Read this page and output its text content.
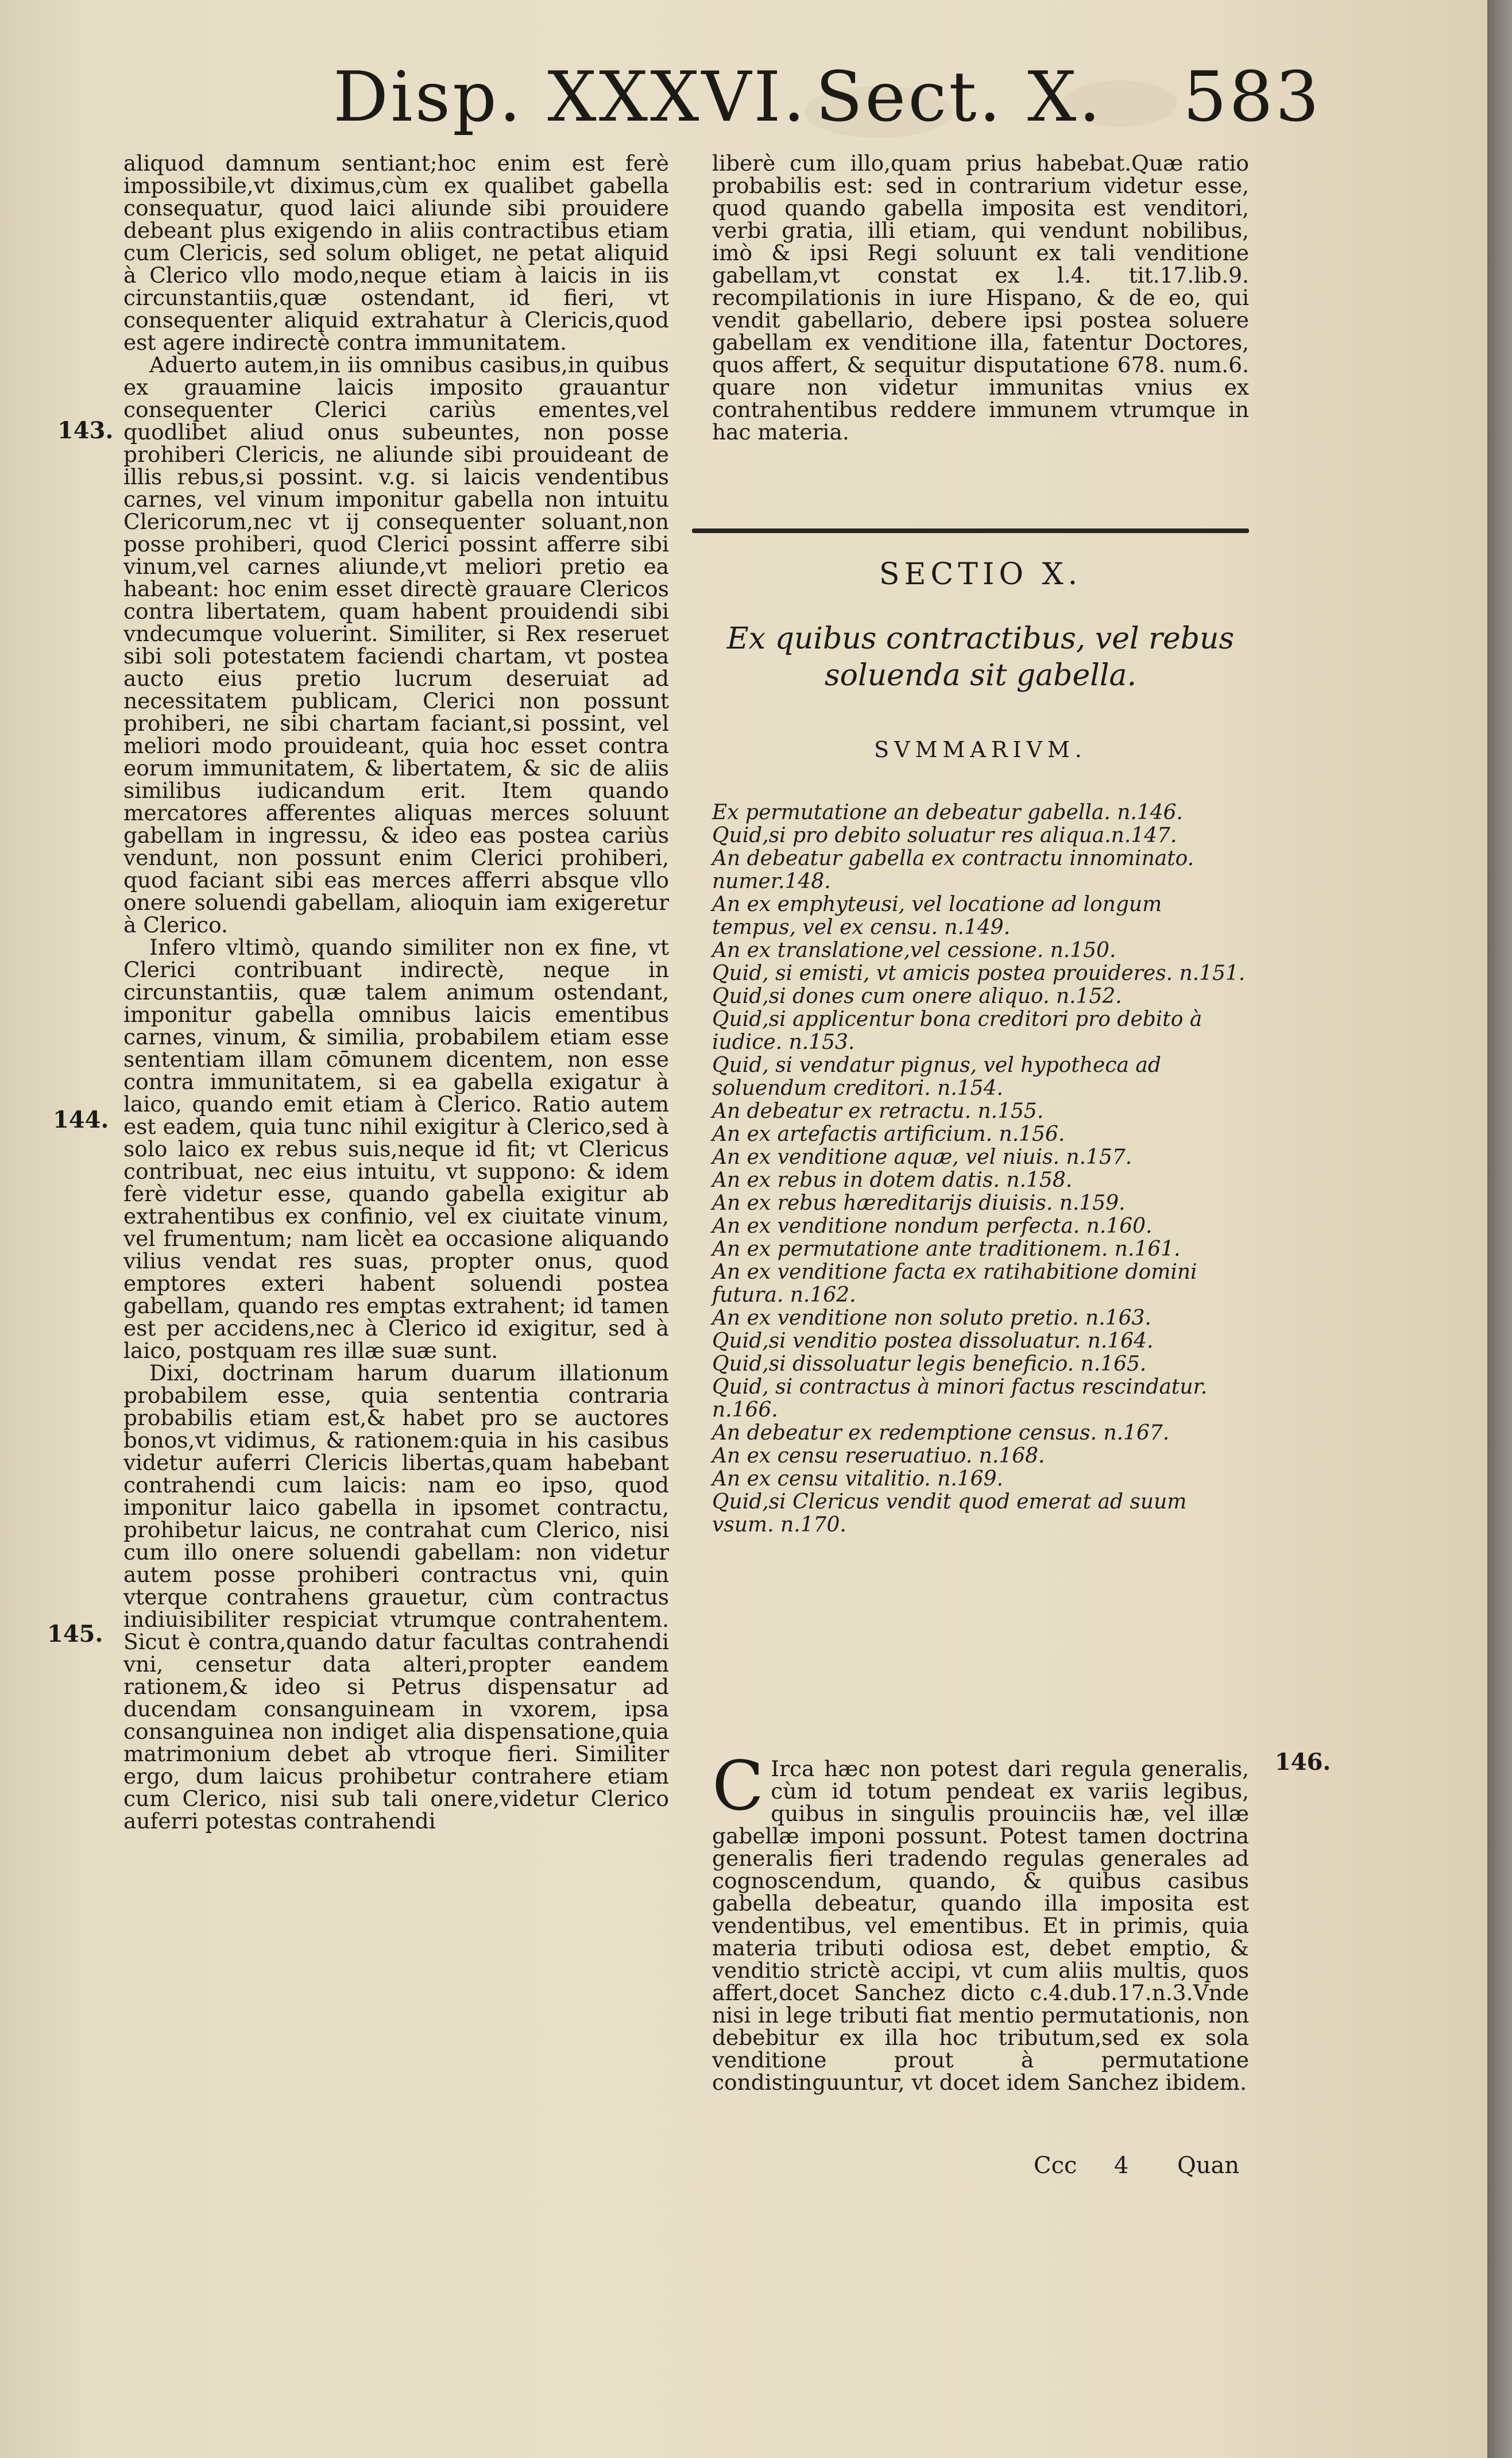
Disp. XXXVI. Sect. X. 583
143.
144.
145.
146.

aliquod damnum sentiant;hoc enim est ferè impossibile,vt diximus,cùm ex qualibet gabella consequatur, quod laici aliunde sibi prouidere debeant plus exigendo in aliis contractibus etiam cum Clericis, sed solum obliget, ne petat aliquid à Clerico vllo modo,neque etiam à laicis in iis circunstantiis,quæ ostendant, id fieri, vt consequenter aliquid extrahatur à Clericis,quod est agere indirectè contra immunitatem.

Aduerto autem,in iis omnibus casibus,in quibus ex grauamine laicis imposito grauantur consequenter Clerici cariùs ementes,vel quodlibet aliud onus subeuntes, non posse prohiberi Clericis, ne aliunde sibi prouideant de illis rebus,si possint. v.g. si laicis vendentibus carnes, vel vinum imponitur gabella non intuitu Clericorum,nec vt ij consequenter soluant,non posse prohiberi, quod Clerici possint afferre sibi vinum,vel carnes aliunde,vt meliori pretio ea habeant: hoc enim esset directè grauare Clericos contra libertatem, quam habent prouidendi sibi vndecumque voluerint. Similiter, si Rex reseruet sibi soli potestatem faciendi chartam, vt postea aucto eius pretio lucrum deseruiat ad necessitatem publicam, Clerici non possunt prohiberi, ne sibi chartam faciant,si possint, vel meliori modo prouideant, quia hoc esset contra eorum immunitatem, & libertatem, & sic de aliis similibus iudicandum erit. Item quando mercatores afferentes aliquas merces soluunt gabellam in ingressu, & ideo eas postea cariùs vendunt, non possunt enim Clerici prohiberi, quod faciant sibi eas merces afferri absque vllo onere soluendi gabellam, alioquin iam exigeretur à Clerico.

Infero vltimò, quando similiter non ex fine, vt Clerici contribuant indirectè, neque in circunstantiis, quæ talem animum ostendant, imponitur gabella omnibus laicis ementibus carnes, vinum, & similia, probabilem etiam esse sententiam illam cōmunem dicentem, non esse contra immunitatem, si ea gabella exigatur à laico, quando emit etiam à Clerico. Ratio autem est eadem, quia tunc nihil exigitur à Clerico,sed à solo laico ex rebus suis,neque id fit; vt Clericus contribuat, nec eius intuitu, vt suppono: & idem ferè videtur esse, quando gabella exigitur ab extrahentibus ex confinio, vel ex ciuitate vinum, vel frumentum; nam licèt ea occasione aliquando vilius vendat res suas, propter onus, quod emptores exteri habent soluendi postea gabellam, quando res emptas extrahent; id tamen est per accidens,nec à Clerico id exigitur, sed à laico, postquam res illæ suæ sunt.

Dixi, doctrinam harum duarum illationum probabilem esse, quia sententia contraria probabilis etiam est,& habet pro se auctores bonos,vt vidimus, & rationem:quia in his casibus videtur auferri Clericis libertas,quam habebant contrahendi cum laicis: nam eo ipso, quod imponitur laico gabella in ipsomet contractu, prohibetur laicus, ne contrahat cum Clerico, nisi cum illo onere soluendi gabellam: non videtur autem posse prohiberi contractus vni, quin vterque contrahens grauetur, cùm contractus indiuisibiliter respiciat vtrumque contrahentem. Sicut è contra,quando datur facultas contrahendi vni, censetur data alteri,propter eandem rationem,& ideo si Petrus dispensatur ad ducendam consanguineam in vxorem, ipsa consanguinea non indiget alia dispensatione,quia matrimonium debet ab vtroque fieri. Similiter ergo, dum laicus prohibetur contrahere etiam cum Clerico, nisi sub tali onere,videtur Clerico auferri potestas contrahendi

liberè cum illo,quam prius habebat.Quæ ratio probabilis est: sed in contrarium videtur esse, quod quando gabella imposita est venditori, verbi gratia, illi etiam, qui vendunt nobilibus, imò & ipsi Regi soluunt ex tali venditione gabellam,vt constat ex l.4. tit.17.lib.9. recompilationis in iure Hispano, & de eo, qui vendit gabellario, debere ipsi postea soluere gabellam ex venditione illa, fatentur Doctores, quos affert, & sequitur disputatione 678. num.6. quare non videtur immunitas vnius ex contrahentibus reddere immunem vtrumque in hac materia.

SECTIO X.
Ex quibus contractibus, vel rebus soluenda sit gabella.
SVMMARIVM.

Ex permutatione an debeatur gabella. n.146.

Quid,si pro debito soluatur res aliqua.n.147.

An debeatur gabella ex contractu innominato. numer.148.

An ex emphyteusi, vel locatione ad longum tempus, vel ex censu. n.149.

An ex translatione,vel cessione. n.150.

Quid, si emisti, vt amicis postea prouideres. n.151.

Quid,si dones cum onere aliquo. n.152.

Quid,si applicentur bona creditori pro debito à iudice. n.153.

Quid, si vendatur pignus, vel hypotheca ad soluendum creditori. n.154.

An debeatur ex retractu. n.155.

An ex artefactis artificium. n.156.

An ex venditione aquæ, vel niuis. n.157.

An ex rebus in dotem datis. n.158.

An ex rebus hæreditarijs diuisis. n.159.

An ex venditione nondum perfecta. n.160.

An ex permutatione ante traditionem. n.161.

An ex venditione facta ex ratihabitione domini futura. n.162.

An ex venditione non soluto pretio. n.163.

Quid,si venditio postea dissoluatur. n.164.

Quid,si dissoluatur legis beneficio. n.165.

Quid, si contractus à minori factus rescindatur. n.166.

An debeatur ex redemptione census. n.167.

An ex censu reseruatiuo. n.168.

An ex censu vitalitio. n.169.

Quid,si Clericus vendit quod emerat ad suum vsum. n.170.

C Irca hæc non potest dari regula generalis, cùm id totum pendeat ex variis legibus, quibus in singulis prouinciis hæ, vel illæ gabellæ imponi possunt. Potest tamen doctrina generalis fieri tradendo regulas generales ad cognoscendum, quando, & quibus casibus gabella debeatur, quando illa imposita est vendentibus, vel ementibus. Et in primis, quia materia tributi odiosa est, debet emptio, & venditio strictè accipi, vt cum aliis multis, quos affert,docet Sanchez dicto c.4.dub.17.n.3.Vnde nisi in lege tributi fiat mentio permutationis, non debebitur ex illa hoc tributum,sed ex sola venditione prout à permutatione condistinguuntur, vt docet idem Sanchez ibidem.

Ccc 4 Quan
